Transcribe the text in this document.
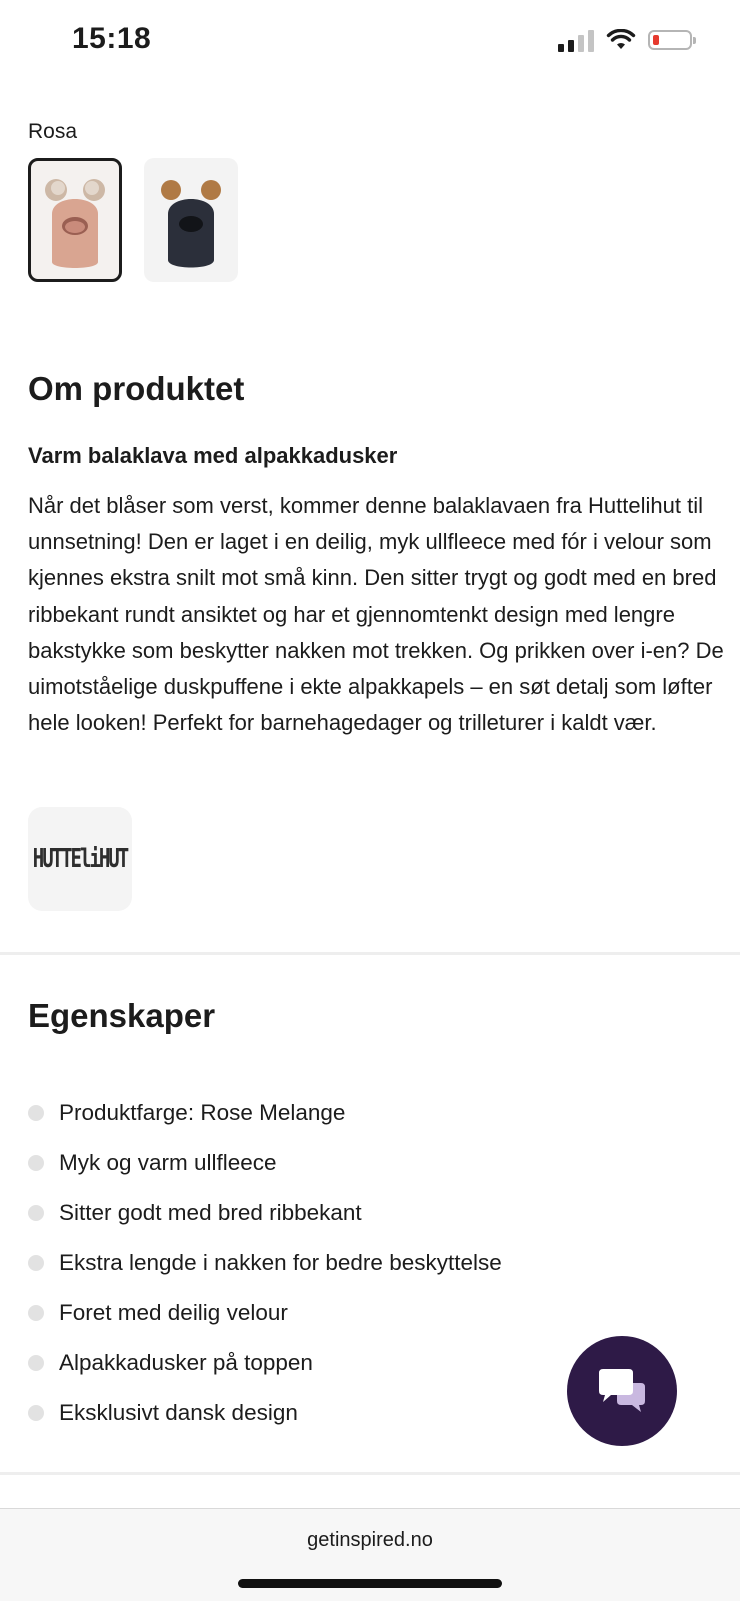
15:18
Rosa
Om produktet
Varm balaklava med alpakkadusker

Når det blåser som verst, kommer denne balaklavaen fra Huttelihut til unnsetning! Den er laget i en deilig, myk ullfleece med fór i velour som kjennes ekstra snilt mot små kinn. Den sitter trygt og godt med en bred ribbekant rundt ansiktet og har et gjennomtenkt design med lengre bakstykke som beskytter nakken mot trekken. Og prikken over i-en? De uimotståelige duskpuffene i ekte alpakkapels – en søt detalj som løfter hele looken! Perfekt for barnehagedager og trilleturer i kaldt vær.

HUTTEliHUT
Egenskaper
Produktfarge: Rose Melange
Myk og varm ullfleece
Sitter godt med bred ribbekant
Ekstra lengde i nakken for bedre beskyttelse
Foret med deilig velour
Alpakkadusker på toppen
Eksklusivt dansk design
getinspired.no
